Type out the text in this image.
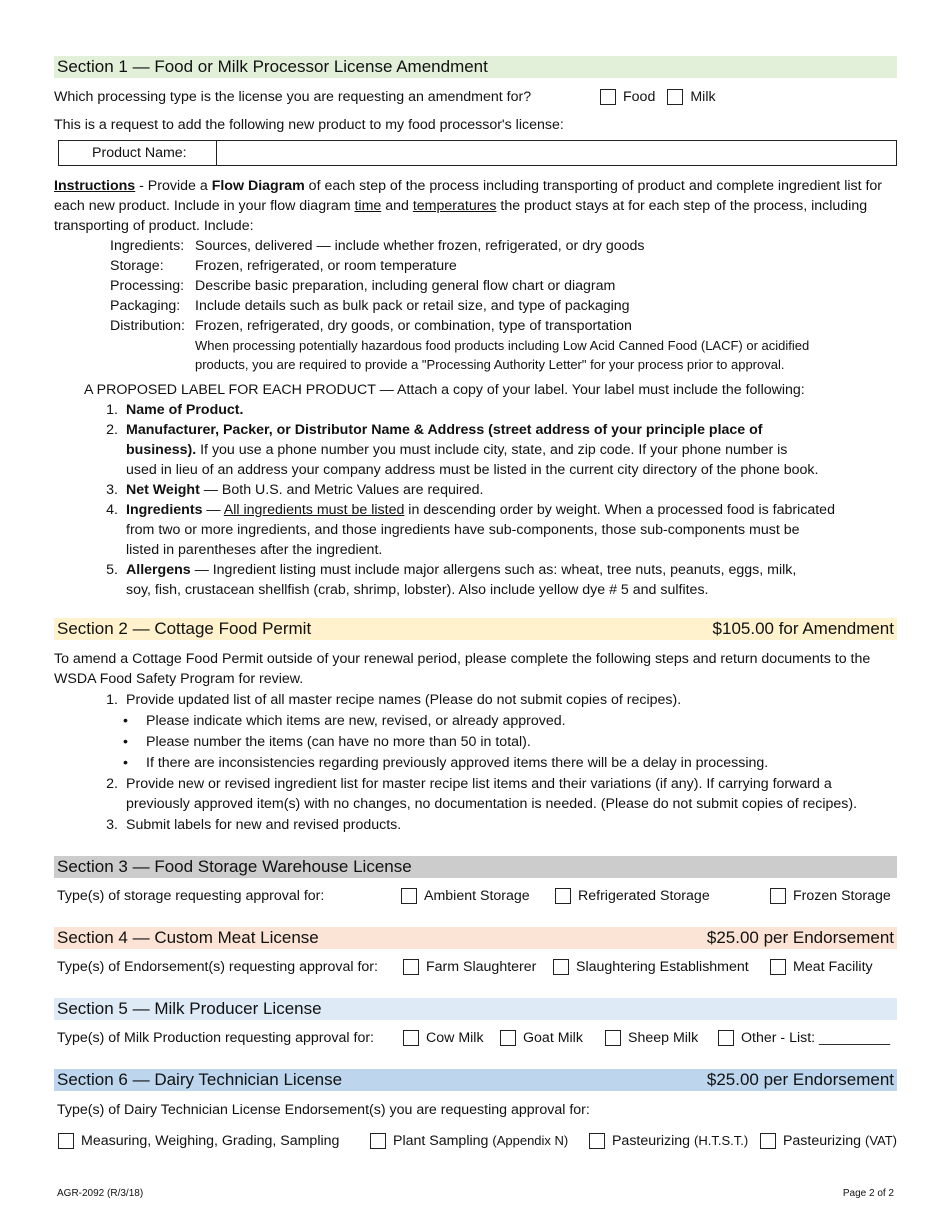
Section 1 — Food or Milk Processor License Amendment
Which processing type is the license you are requesting an amendment for?	Food Milk
This is a request to add the following new product to my food processor's license:
Product Name:
Instructions - Provide a Flow Diagram of each step of the process including transporting of product and complete ingredient list for each new product. Include in your flow diagram time and temperatures the product stays at for each step of the process, including transporting of product. Include:
Ingredients: Sources, delivered — include whether frozen, refrigerated, or dry goods
Storage:	Frozen, refrigerated, or room temperature
Processing: Describe basic preparation, including general flow chart or diagram
Packaging:	Include details such as bulk pack or retail size, and type of packaging
Distribution: Frozen, refrigerated, dry goods, or combination, type of transportation
When processing potentially hazardous food products including Low Acid Canned Food (LACF) or acidified products, you are required to provide a "Processing Authority Letter" for your process prior to approval.
A PROPOSED LABEL FOR EACH PRODUCT — Attach a copy of your label. Your label must include the following:
1. Name of Product.
2. Manufacturer, Packer, or Distributor Name & Address (street address of your principle place of business). If you use a phone number you must include city, state, and zip code. If your phone number is used in lieu of an address your company address must be listed in the current city directory of the phone book.
3. Net Weight — Both U.S. and Metric Values are required.
4. Ingredients — All ingredients must be listed in descending order by weight. When a processed food is fabricated from two or more ingredients, and those ingredients have sub-components, those sub-components must be listed in parentheses after the ingredient.
5. Allergens — Ingredient listing must include major allergens such as: wheat, tree nuts, peanuts, eggs, milk, soy, fish, crustacean shellfish (crab, shrimp, lobster). Also include yellow dye # 5 and sulfites.
Section 2 — Cottage Food Permit	$105.00 for Amendment
To amend a Cottage Food Permit outside of your renewal period, please complete the following steps and return documents to the WSDA Food Safety Program for review.
1. Provide updated list of all master recipe names (Please do not submit copies of recipes).
•	Please indicate which items are new, revised, or already approved.
•	Please number the items (can have no more than 50 in total).
•	If there are inconsistencies regarding previously approved items there will be a delay in processing.
2. Provide new or revised ingredient list for master recipe list items and their variations (if any). If carrying forward a previously approved item(s) with no changes, no documentation is needed. (Please do not submit copies of recipes).
3. Submit labels for new and revised products.
Section 3 — Food Storage Warehouse License
Type(s) of storage requesting approval for:	Ambient Storage	Refrigerated Storage	Frozen Storage
Section 4 — Custom Meat License	$25.00 per Endorsement
Type(s) of Endorsement(s) requesting approval for:	Farm Slaughterer	Slaughtering Establishment	Meat Facility
Section 5 — Milk Producer License
Type(s) of Milk Production requesting approval for:	Cow Milk	Goat Milk	Sheep Milk	Other - List: _________
Section 6 — Dairy Technician License	$25.00 per Endorsement
Type(s) of Dairy Technician License Endorsement(s) you are requesting approval for:
Measuring, Weighing, Grading, Sampling	Plant Sampling (Appendix N)	Pasteurizing (H.T.S.T.)	Pasteurizing (VAT)
AGR-2092 (R/3/18)	Page 2 of 2
